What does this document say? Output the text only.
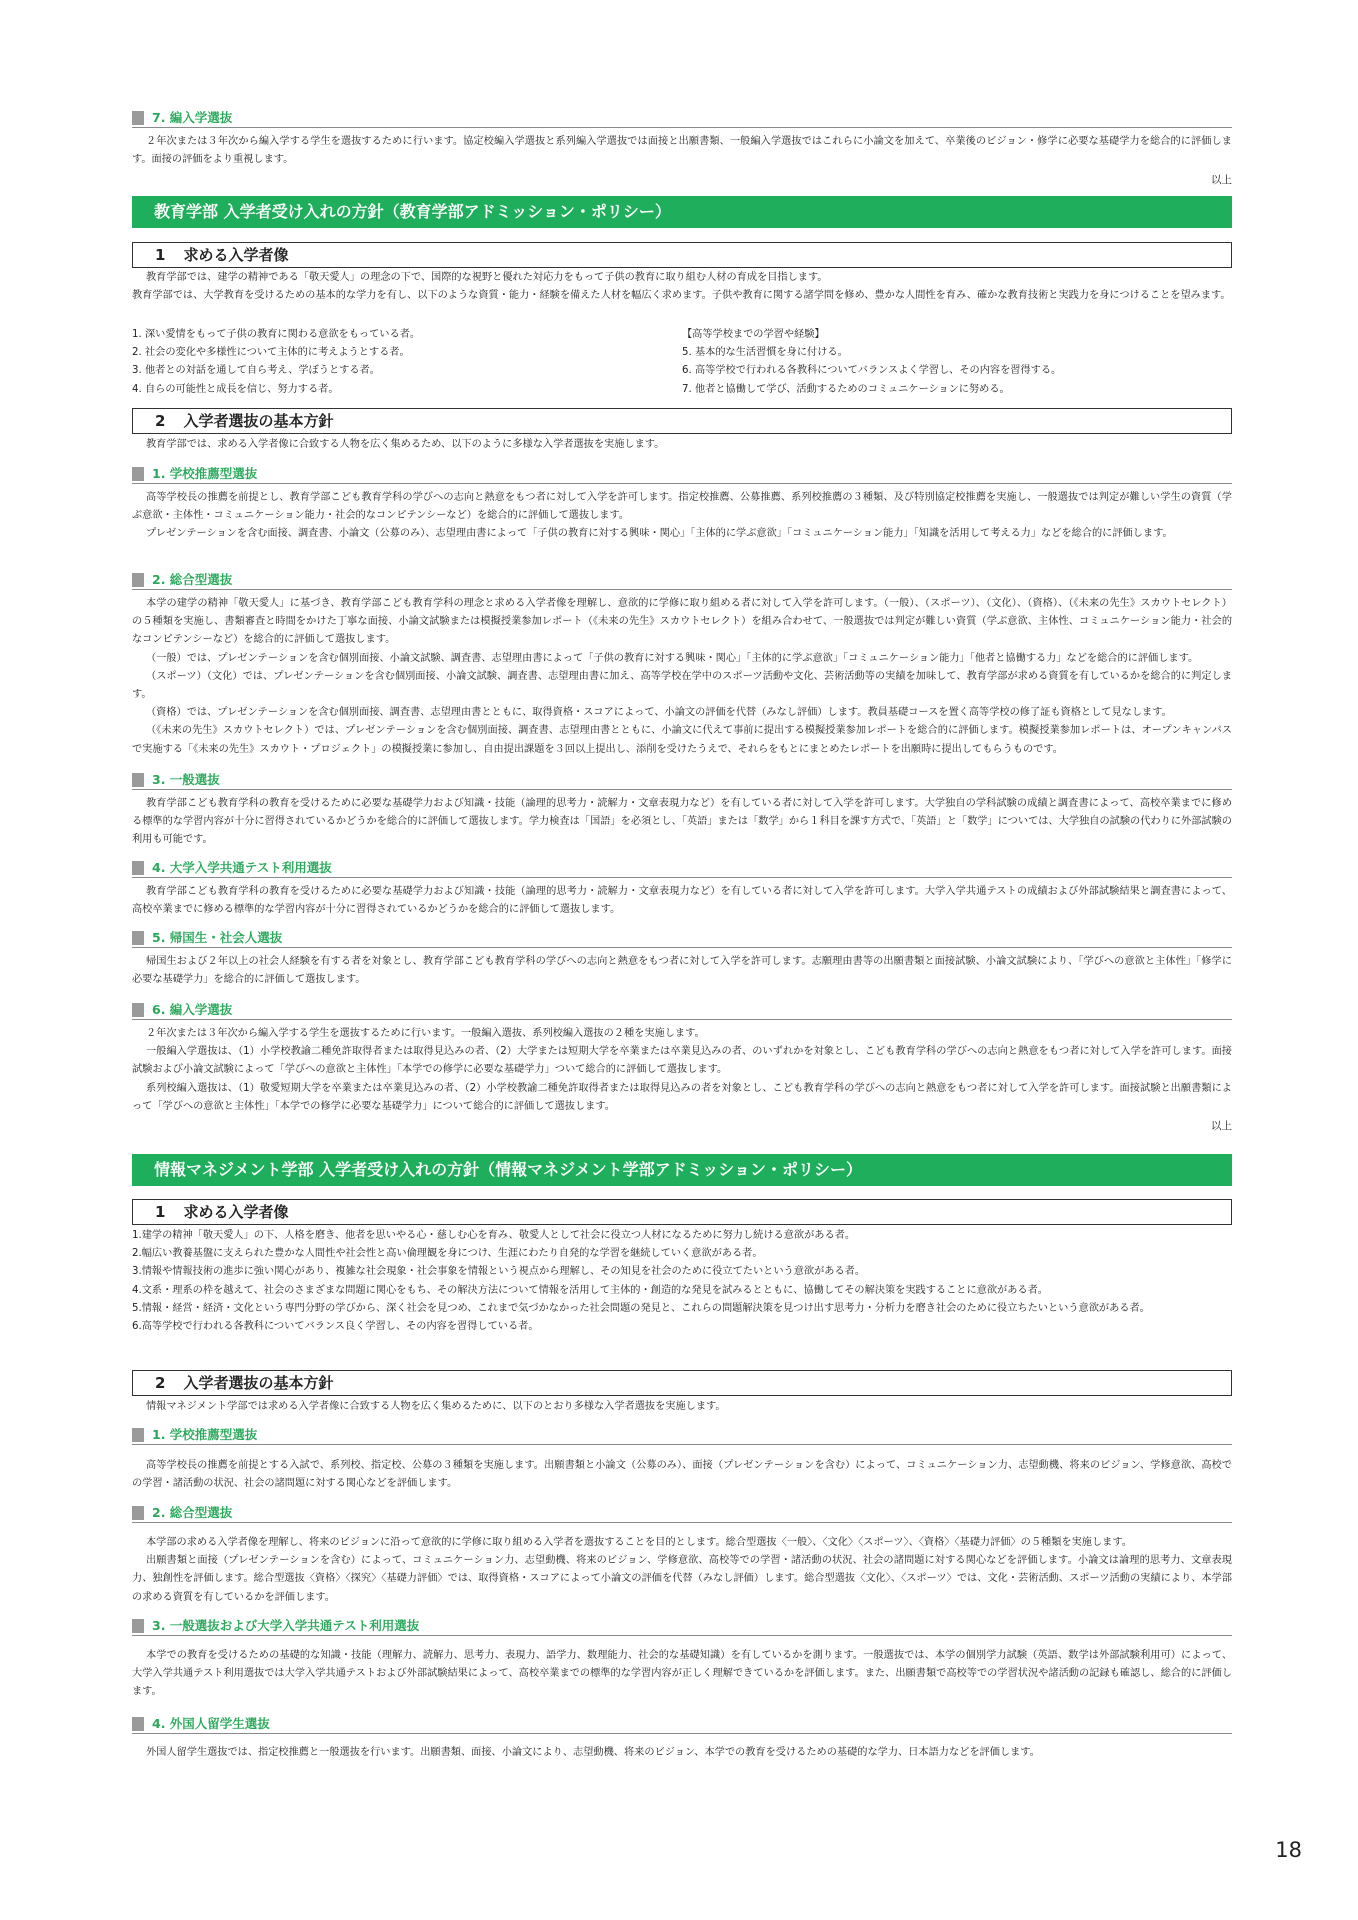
7. 編入学選抜

２年次または３年次から編入学する学生を選抜するために行います。協定校編入学選抜と系列編入学選抜では面接と出願書類、一般編入学選抜ではこれらに小論文を加えて、卒業後のビジョン・修学に必要な基礎学力を総合的に評価します。面接の評価をより重視します。

以上
教育学部 入学者受け入れの方針（教育学部アドミッション・ポリシー）
1 求める入学者像

教育学部では、建学の精神である「敬天愛人」の理念の下で、国際的な視野と優れた対応力をもって子供の教育に取り組む人材の育成を目指します。

教育学部では、大学教育を受けるための基本的な学力を有し、以下のような資質・能力・経験を備えた人材を幅広く求めます。子供や教育に関する諸学問を修め、豊かな人間性を育み、確かな教育技術と実践力を身につけることを望みます。

1. 深い愛情をもって子供の教育に関わる意欲をもっている者。
2. 社会の変化や多様性について主体的に考えようとする者。
3. 他者との対話を通して自ら考え、学ぼうとする者。
4. 自らの可能性と成長を信じ、努力する者。
【高等学校までの学習や経験】
5. 基本的な生活習慣を身に付ける。
6. 高等学校で行われる各教科についてバランスよく学習し、その内容を習得する。
7. 他者と協働して学び、活動するためのコミュニケーションに努める。
2 入学者選抜の基本方針

教育学部では、求める入学者像に合致する人物を広く集めるため、以下のように多様な入学者選抜を実施します。

1. 学校推薦型選抜

高等学校長の推薦を前提とし、教育学部こども教育学科の学びへの志向と熱意をもつ者に対して入学を許可します。指定校推薦、公募推薦、系列校推薦の３種類、及び特別協定校推薦を実施し、一般選抜では判定が難しい学生の資質（学ぶ意欲・主体性・コミュニケーション能力・社会的なコンピテンシーなど）を総合的に評価して選抜します。

プレゼンテーションを含む面接、調査書、小論文（公募のみ）、志望理由書によって「子供の教育に対する興味・関心」「主体的に学ぶ意欲」「コミュニケーション能力」「知識を活用して考える力」などを総合的に評価します。

2. 総合型選抜

本学の建学の精神「敬天愛人」に基づき、教育学部こども教育学科の理念と求める入学者像を理解し、意欲的に学修に取り組める者に対して入学を許可します。（一般）、（スポーツ）、（文化）、（資格）、（《未来の先生》スカウトセレクト）の５種類を実施し、書類審査と時間をかけた丁寧な面接、小論文試験または模擬授業参加レポート（《未来の先生》スカウトセレクト）を組み合わせて、一般選抜では判定が難しい資質（学ぶ意欲、主体性、コミュニケーション能力・社会的なコンピテンシーなど）を総合的に評価して選抜します。

（一般）では、プレゼンテーションを含む個別面接、小論文試験、調査書、志望理由書によって「子供の教育に対する興味・関心」「主体的に学ぶ意欲」「コミュニケーション能力」「他者と協働する力」などを総合的に評価します。

（スポーツ）（文化）では、プレゼンテーションを含む個別面接、小論文試験、調査書、志望理由書に加え、高等学校在学中のスポーツ活動や文化、芸術活動等の実績を加味して、教育学部が求める資質を有しているかを総合的に判定します。

（資格）では、プレゼンテーションを含む個別面接、調査書、志望理由書とともに、取得資格・スコアによって、小論文の評価を代替（みなし評価）します。教員基礎コースを置く高等学校の修了証も資格として見なします。

（《未来の先生》スカウトセレクト）では、プレゼンテーションを含む個別面接、調査書、志望理由書とともに、小論文に代えて事前に提出する模擬授業参加レポートを総合的に評価します。模擬授業参加レポートは、オープンキャンパスで実施する「《未来の先生》スカウト・プロジェクト」の模擬授業に参加し、自由提出課題を３回以上提出し、添削を受けたうえで、それらをもとにまとめたレポートを出願時に提出してもらうものです。

3. 一般選抜

教育学部こども教育学科の教育を受けるために必要な基礎学力および知識・技能（論理的思考力・読解力・文章表現力など）を有している者に対して入学を許可します。大学独自の学科試験の成績と調査書によって、高校卒業までに修める標準的な学習内容が十分に習得されているかどうかを総合的に評価して選抜します。学力検査は「国語」を必須とし、「英語」または「数学」から１科目を課す方式で、「英語」と「数学」については、大学独自の試験の代わりに外部試験の利用も可能です。

4. 大学入学共通テスト利用選抜

教育学部こども教育学科の教育を受けるために必要な基礎学力および知識・技能（論理的思考力・読解力・文章表現力など）を有している者に対して入学を許可します。大学入学共通テストの成績および外部試験結果と調査書によって、高校卒業までに修める標準的な学習内容が十分に習得されているかどうかを総合的に評価して選抜します。

5. 帰国生・社会人選抜

帰国生および２年以上の社会人経験を有する者を対象とし、教育学部こども教育学科の学びへの志向と熱意をもつ者に対して入学を許可します。志願理由書等の出願書類と面接試験、小論文試験により、「学びへの意欲と主体性」「修学に必要な基礎学力」を総合的に評価して選抜します。

6. 編入学選抜

２年次または３年次から編入学する学生を選抜するために行います。一般編入選抜、系列校編入選抜の２種を実施します。

一般編入学選抜は、（1）小学校教諭二種免許取得者または取得見込みの者、（2）大学または短期大学を卒業または卒業見込みの者、のいずれかを対象とし、こども教育学科の学びへの志向と熱意をもつ者に対して入学を許可します。面接試験および小論文試験によって「学びへの意欲と主体性」「本学での修学に必要な基礎学力」ついて総合的に評価して選抜します。

系列校編入選抜は、（1）敬愛短期大学を卒業または卒業見込みの者、（2）小学校教諭二種免許取得者または取得見込みの者を対象とし、こども教育学科の学びへの志向と熱意をもつ者に対して入学を許可します。面接試験と出願書類によって「学びへの意欲と主体性」「本学での修学に必要な基礎学力」について総合的に評価して選抜します。

以上
情報マネジメント学部 入学者受け入れの方針（情報マネジメント学部アドミッション・ポリシー）
1 求める入学者像
1.建学の精神「敬天愛人」の下、人格を磨き、他者を思いやる心・慈しむ心を育み、敬愛人として社会に役立つ人材になるために努力し続ける意欲がある者。
2.幅広い教養基盤に支えられた豊かな人間性や社会性と高い倫理観を身につけ、生涯にわたり自発的な学習を継続していく意欲がある者。
3.情報や情報技術の進歩に強い関心があり、複雑な社会現象・社会事象を情報という視点から理解し、その知見を社会のために役立てたいという意欲がある者。
4.文系・理系の枠を越えて、社会のさまざまな問題に関心をもち、その解決方法について情報を活用して主体的・創造的な発見を試みるとともに、協働してその解決策を実践することに意欲がある者。
5.情報・経営・経済・文化という専門分野の学びから、深く社会を見つめ、これまで気づかなかった社会問題の発見と、これらの問題解決策を見つけ出す思考力・分析力を磨き社会のために役立ちたいという意欲がある者。
6.高等学校で行われる各教科についてバランス良く学習し、その内容を習得している者。
2 入学者選抜の基本方針

情報マネジメント学部では求める入学者像に合致する人物を広く集めるために、以下のとおり多様な入学者選抜を実施します。

1. 学校推薦型選抜

高等学校長の推薦を前提とする入試で、系列校、指定校、公募の３種類を実施します。出願書類と小論文（公募のみ）、面接（プレゼンテーションを含む）によって、コミュニケーション力、志望動機、将来のビジョン、学修意欲、高校での学習・諸活動の状況、社会の諸問題に対する関心などを評価します。

2. 総合型選抜

本学部の求める入学者像を理解し、将来のビジョンに沿って意欲的に学修に取り組める入学者を選抜することを目的とします。総合型選抜〈一般〉、〈文化〉〈スポーツ〉、〈資格〉〈基礎力評価〉の５種類を実施します。

出願書類と面接（プレゼンテーションを含む）によって、コミュニケーション力、志望動機、将来のビジョン、学修意欲、高校等での学習・諸活動の状況、社会の諸問題に対する関心などを評価します。小論文は論理的思考力、文章表現力、独創性を評価します。総合型選抜〈資格〉〈探究〉〈基礎力評価〉では、取得資格・スコアによって小論文の評価を代替（みなし評価）します。総合型選抜〈文化〉、〈スポーツ〉では、文化・芸術活動、スポーツ活動の実績により、本学部の求める資質を有しているかを評価します。

3. 一般選抜および大学入学共通テスト利用選抜

本学での教育を受けるための基礎的な知識・技能（理解力、読解力、思考力、表現力、語学力、数理能力、社会的な基礎知識）を有しているかを測ります。一般選抜では、本学の個別学力試験（英語、数学は外部試験利用可）によって、大学入学共通テスト利用選抜では大学入学共通テストおよび外部試験結果によって、高校卒業までの標準的な学習内容が正しく理解できているかを評価します。また、出願書類で高校等での学習状況や諸活動の記録も確認し、総合的に評価します。

4. 外国人留学生選抜

外国人留学生選抜では、指定校推薦と一般選抜を行います。出願書類、面接、小論文により、志望動機、将来のビジョン、本学での教育を受けるための基礎的な学力、日本語力などを評価します。

18
